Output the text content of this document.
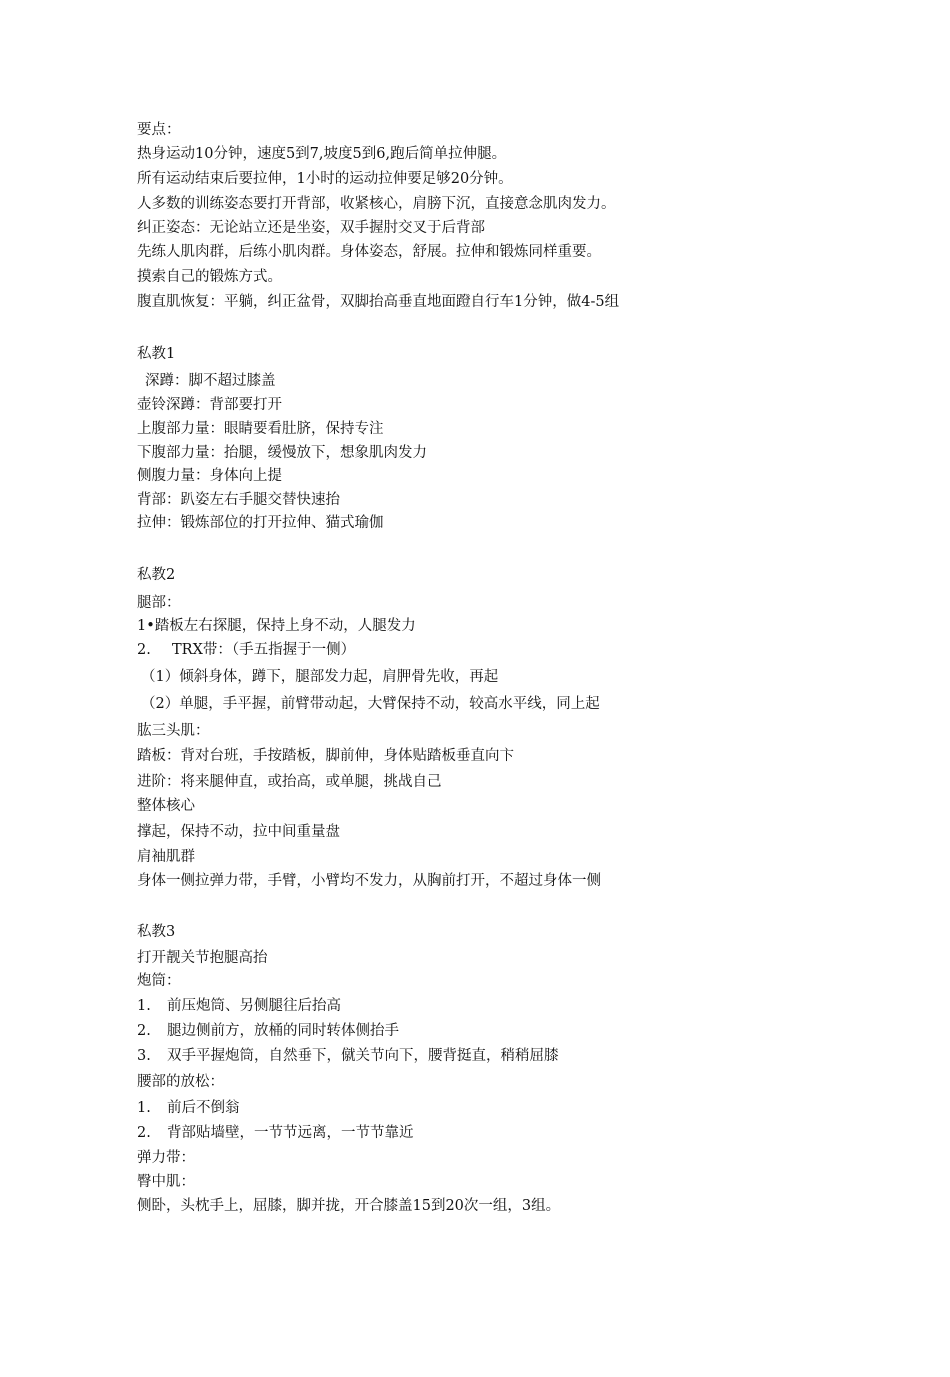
要点：
热身运动10分钟，速度5到7,坡度5到6,跑后简单拉伸腿。
所有运动结束后要拉伸，1小时的运动拉伸要足够20分钟。
人多数的训练姿态要打开背部，收紧核心，肩膀下沉，直接意念肌肉发力。
纠正姿态：无论站立还是坐姿，双手握肘交叉于后背部
先练人肌肉群，后练小肌肉群。身体姿态，舒展。拉伸和锻炼同样重要。
摸索自己的锻炼方式。
腹直肌恢复：平躺，纠正盆骨，双脚抬高垂直地面蹬自行车1分钟，做4-5组
私教1
深蹲：脚不超过膝盖
壶铃深蹲：背部要打开
上腹部力量：眼睛要看肚脐，保持专注
下腹部力量：抬腿，缓慢放下，想象肌肉发力
侧腹力量：身体向上提
背部：趴姿左右手腿交替快速抬
拉伸：锻炼部位的打开拉伸、猫式瑜伽
私教2
腿部：
1•踏板左右探腿，保持上身不动，人腿发力
2. TRX带：（手五指握于一侧）
（1）倾斜身体，蹲下，腿部发力起，肩胛骨先收，再起
（2）单腿，手平握，前臂带动起，大臂保持不动，较高水平线，同上起
肱三头肌：
踏板：背对台班，手按踏板，脚前伸，身体贴踏板垂直向卞
进阶：将来腿伸直，或抬高，或单腿，挑战自己
整体核心
撑起，保持不动，拉中间重量盘
肩袖肌群
身体一侧拉弹力带，手臂，小臂均不发力，从胸前打开，不超过身体一侧
私教3
打开靓关节抱腿高抬
炮筒：
1. 前压炮筒、另侧腿往后抬高
2. 腿边侧前方，放桶的同时转体侧抬手
3. 双手平握炮筒，自然垂下，僦关节向下，腰背挺直，稍稍屈膝
腰部的放松：
1. 前后不倒翁
2. 背部贴墙壁，一节节远离，一节节靠近
弹力带：
臀中肌：
侧卧，头枕手上，屈膝，脚并拢，开合膝盖15到20次一组，3组。
